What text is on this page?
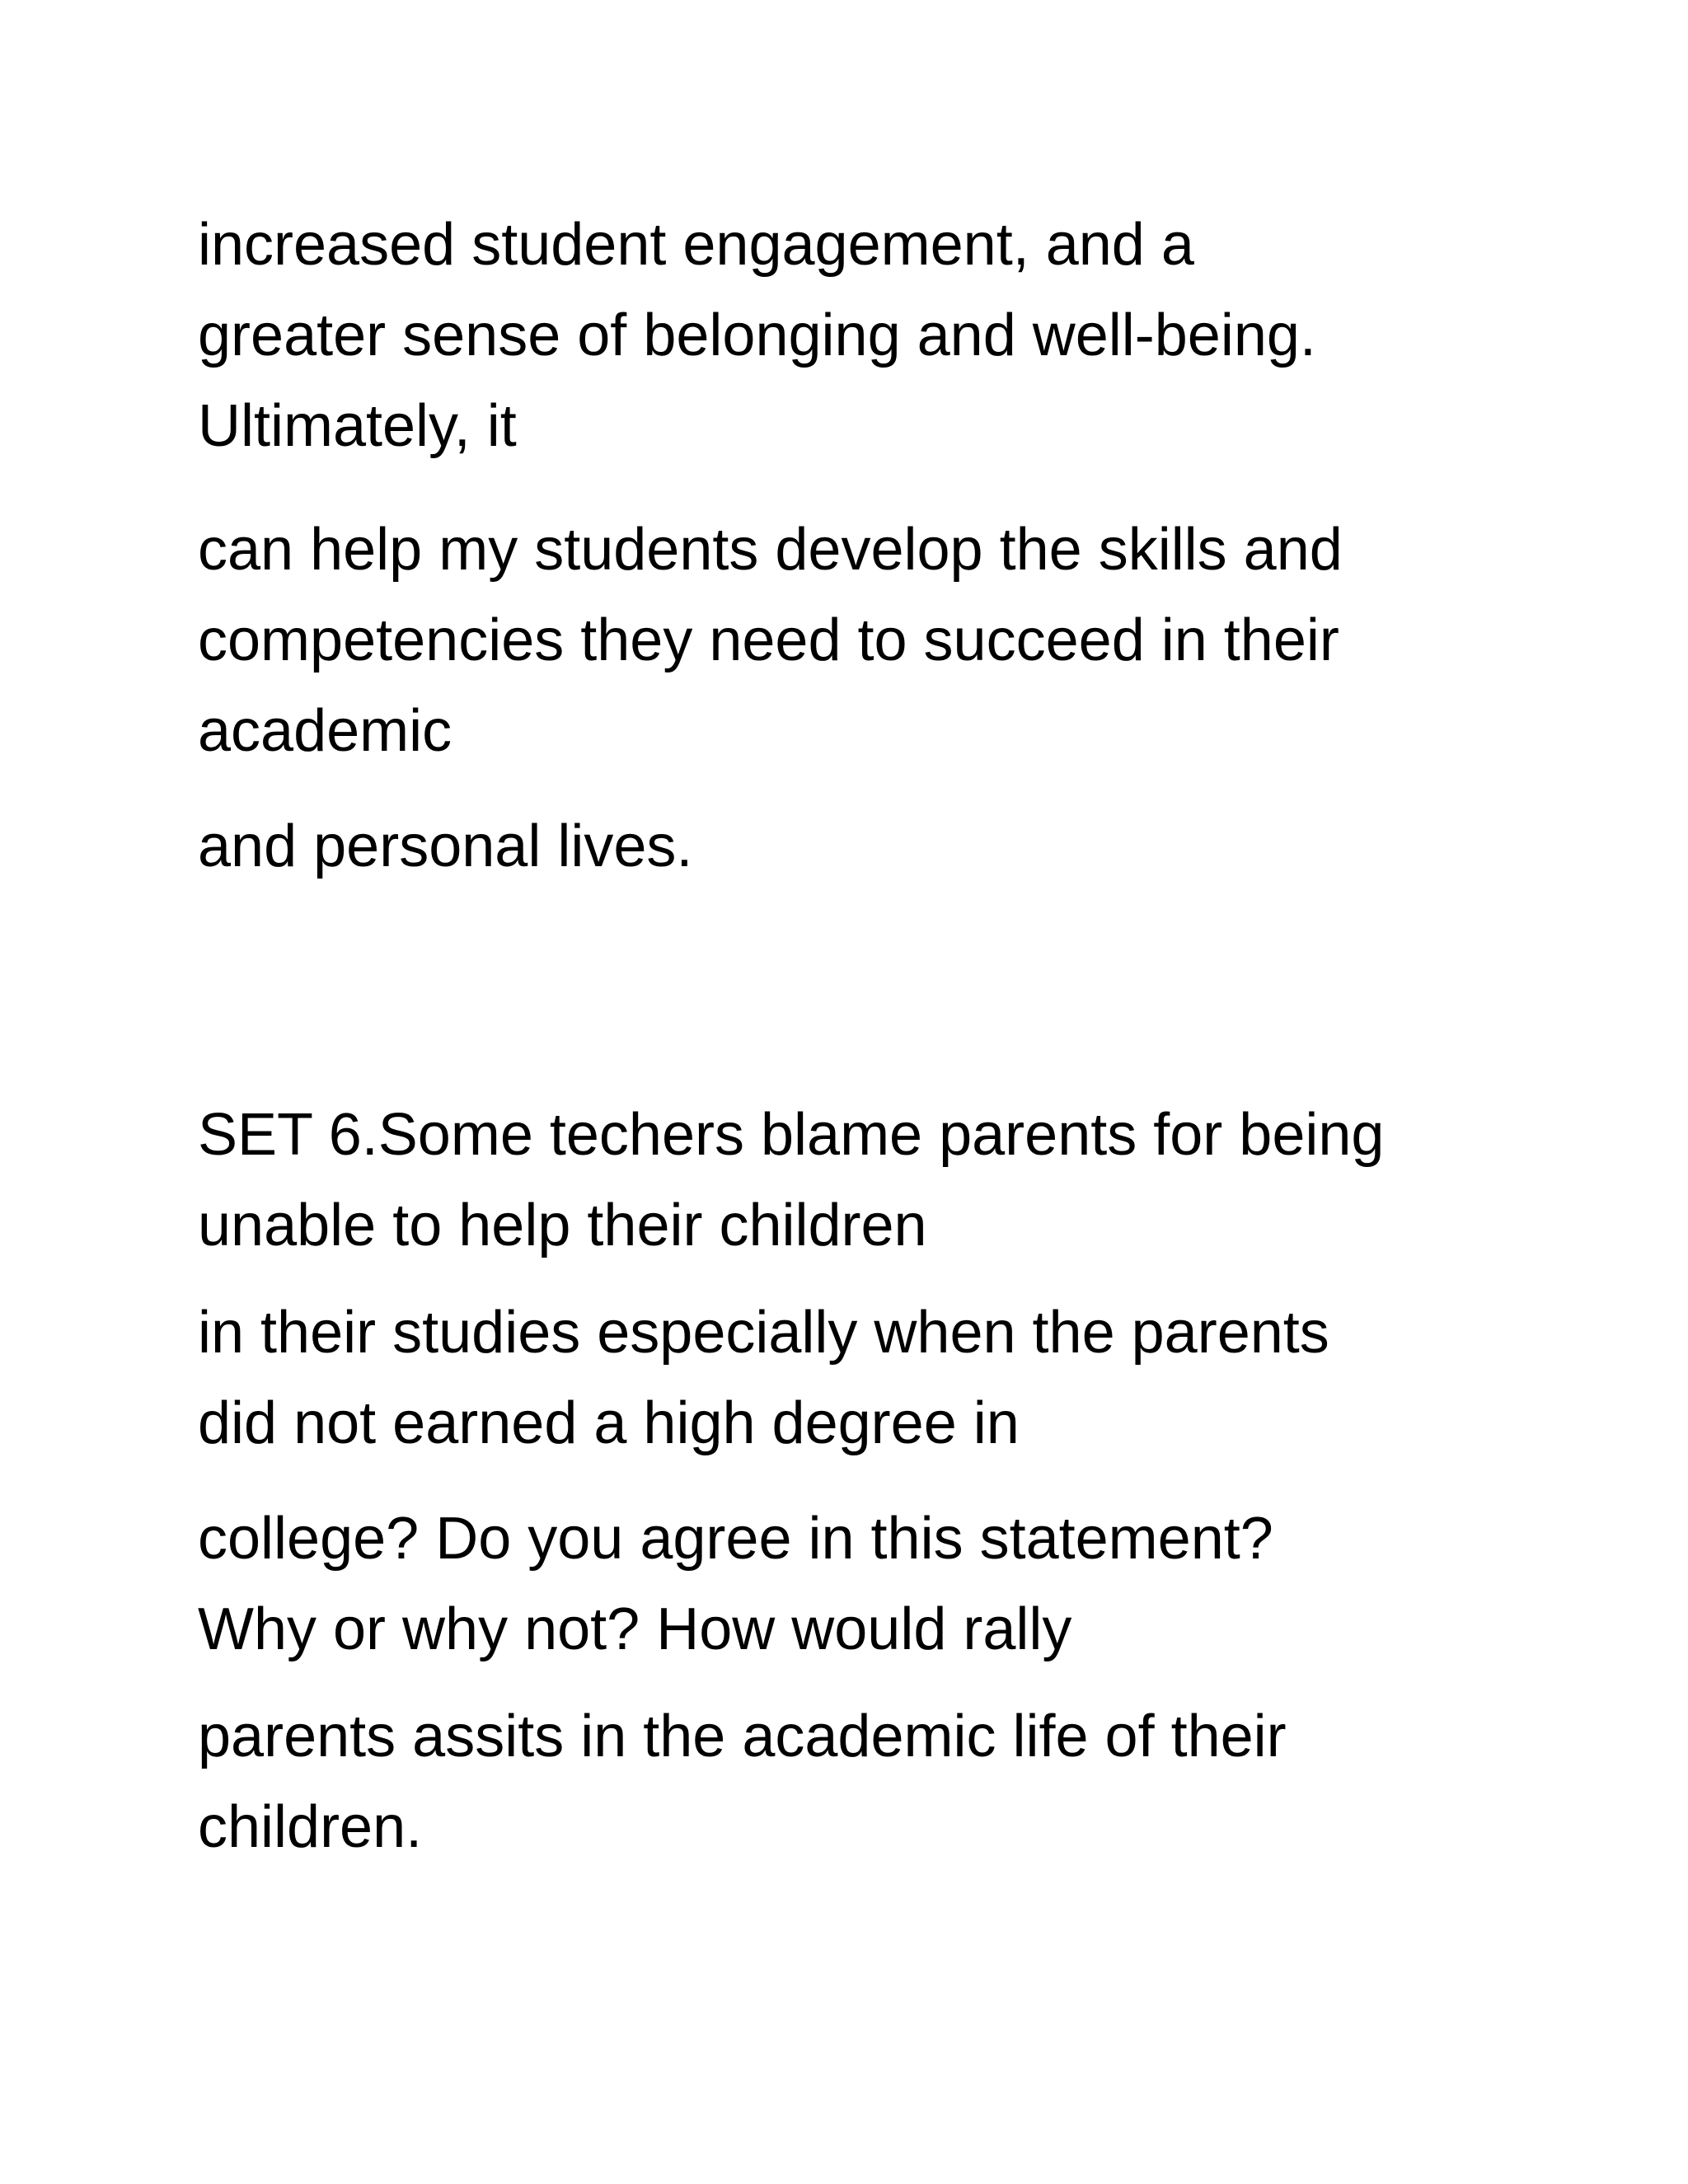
increased student engagement, and a
greater sense of belonging and well-being.
Ultimately, it

can help my students develop the skills and
competencies they need to succeed in their
academic

and personal lives.

SET 6.Some techers blame parents for being
unable to help their children

in their studies especially when the parents
did not earned a high degree in

college? Do you agree in this statement?
Why or why not? How would rally

parents assits in the academic life of their
children.
